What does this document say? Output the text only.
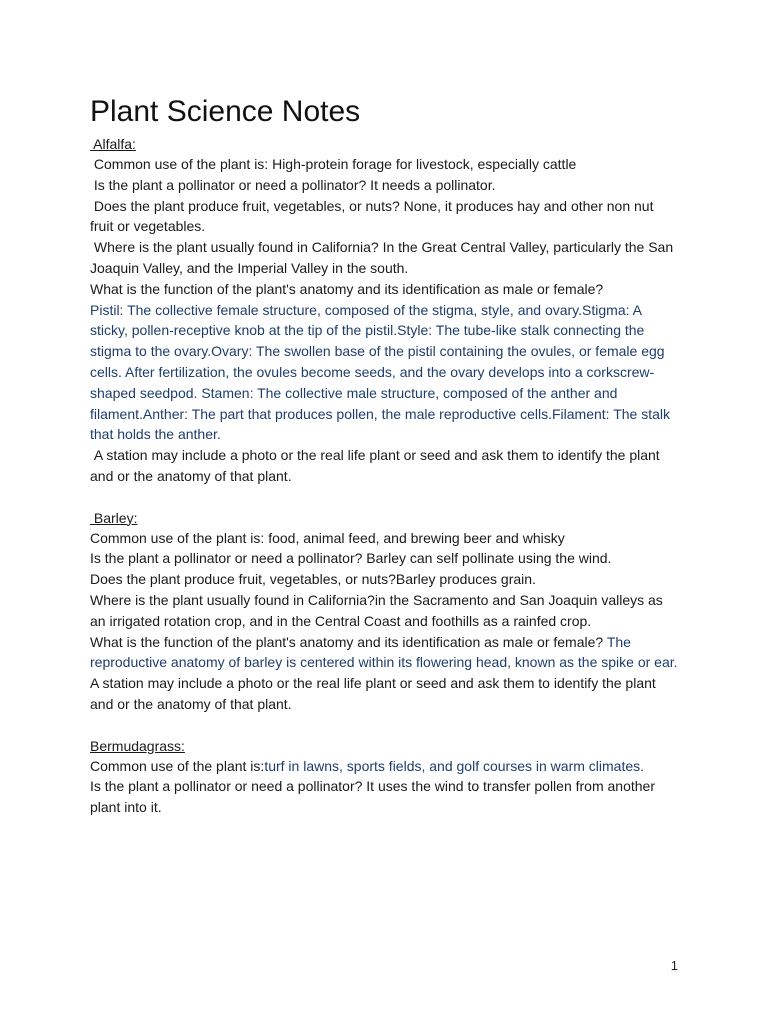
Plant Science Notes
Alfalfa:
Common use of the plant is: High-protein forage for livestock, especially cattle
Is the plant a pollinator or need a pollinator? It needs a pollinator.
Does the plant produce fruit, vegetables, or nuts? None, it produces hay and other non nut fruit or vegetables.
Where is the plant usually found in California? In the Great Central Valley, particularly the San Joaquin Valley, and the Imperial Valley in the south.
What is the function of the plant's anatomy and its identification as male or female?
Pistil: The collective female structure, composed of the stigma, style, and ovary.Stigma: A sticky, pollen-receptive knob at the tip of the pistil.Style: The tube-like stalk connecting the stigma to the ovary.Ovary: The swollen base of the pistil containing the ovules, or female egg cells. After fertilization, the ovules become seeds, and the ovary develops into a corkscrew-shaped seedpod. Stamen: The collective male structure, composed of the anther and filament.Anther: The part that produces pollen, the male reproductive cells.Filament: The stalk that holds the anther.
A station may include a photo or the real life plant or seed and ask them to identify the plant and or the anatomy of that plant.
Barley:
Common use of the plant is: food, animal feed, and brewing beer and whisky
Is the plant a pollinator or need a pollinator? Barley can self pollinate using the wind.
Does the plant produce fruit, vegetables, or nuts?Barley produces grain.
Where is the plant usually found in California?in the Sacramento and San Joaquin valleys as an irrigated rotation crop, and in the Central Coast and foothills as a rainfed crop.
What is the function of the plant's anatomy and its identification as male or female? The reproductive anatomy of barley is centered within its flowering head, known as the spike or ear.
A station may include a photo or the real life plant or seed and ask them to identify the plant and or the anatomy of that plant.
Bermudagrass:
Common use of the plant is:turf in lawns, sports fields, and golf courses in warm climates.
Is the plant a pollinator or need a pollinator? It uses the wind to transfer pollen from another plant into it.
1
